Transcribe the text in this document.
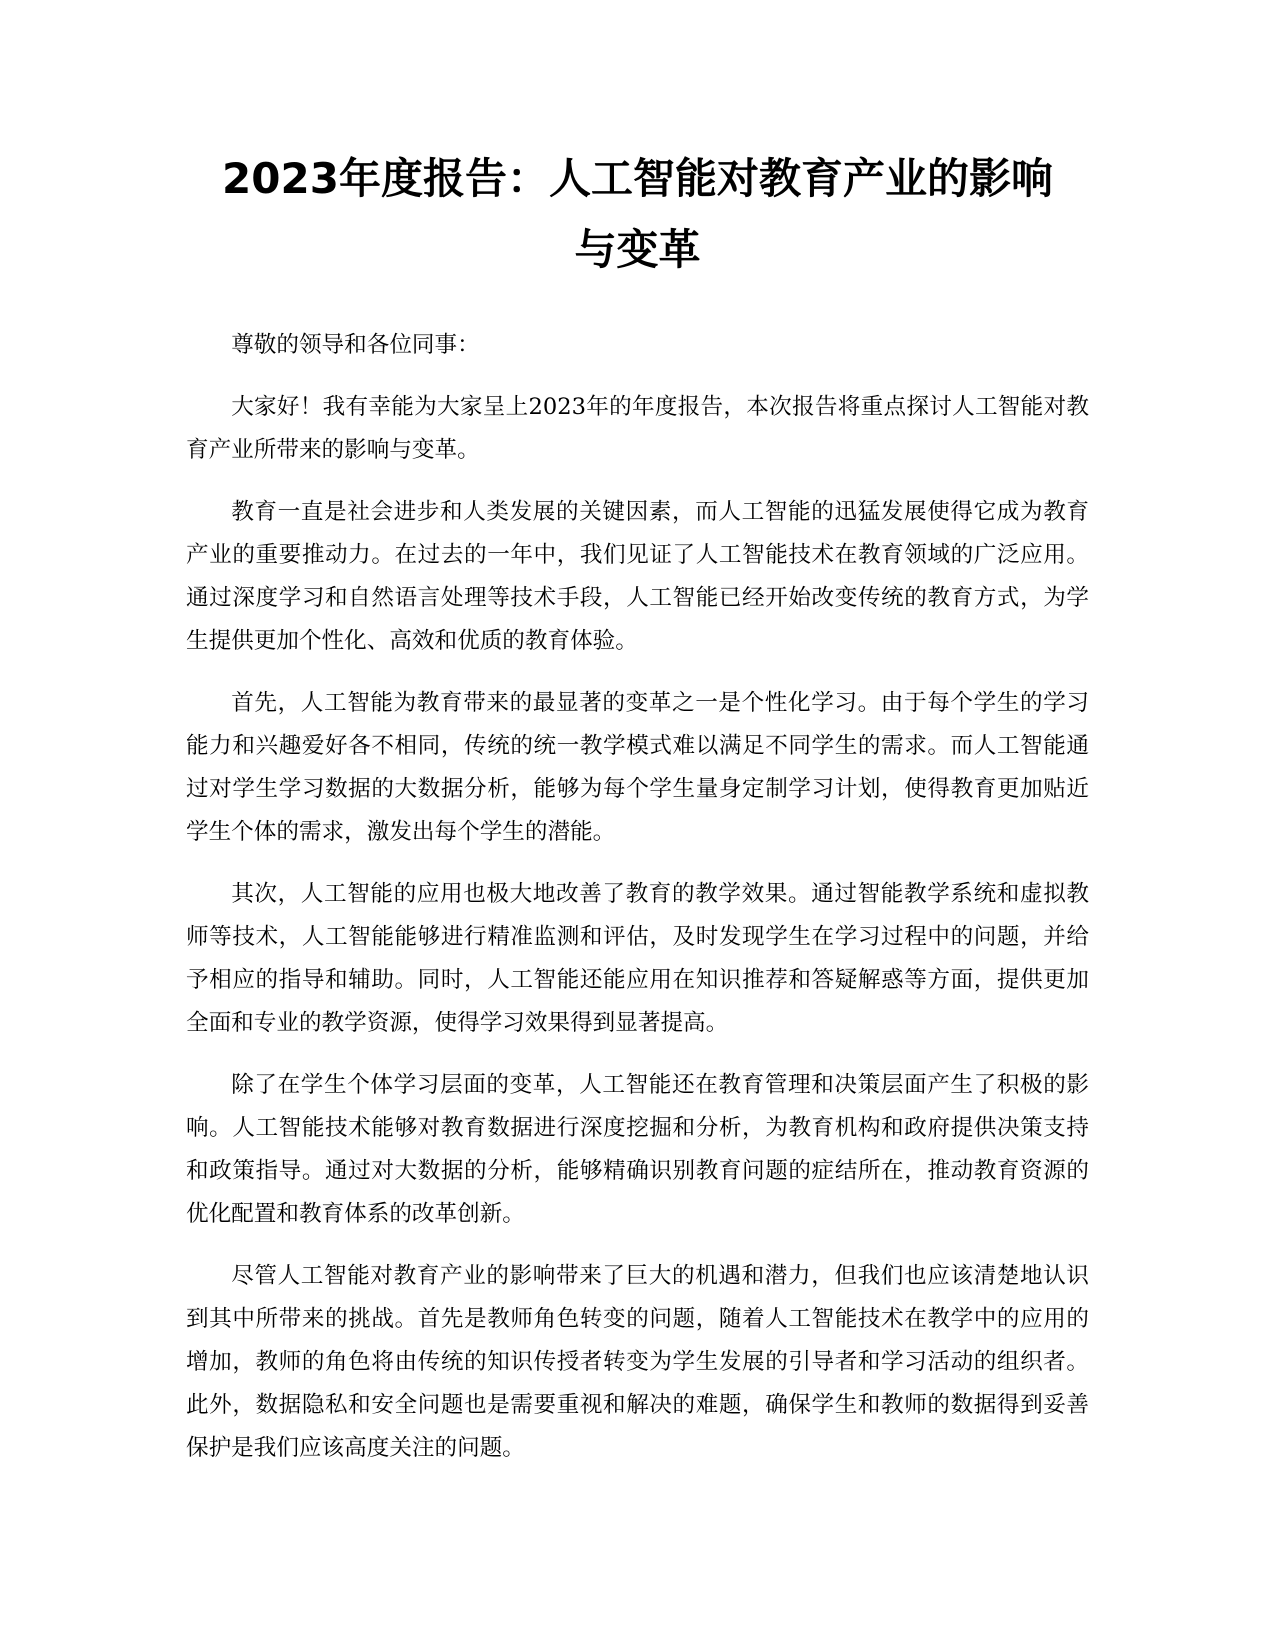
2023年度报告：人工智能对教育产业的影响
与变革

尊敬的领导和各位同事：

大家好！我有幸能为大家呈上2023年的年度报告，本次报告将重点探讨人工智能对教育产业所带来的影响与变革。

教育一直是社会进步和人类发展的关键因素，而人工智能的迅猛发展使得它成为教育产业的重要推动力。在过去的一年中，我们见证了人工智能技术在教育领域的广泛应用。通过深度学习和自然语言处理等技术手段，人工智能已经开始改变传统的教育方式，为学生提供更加个性化、高效和优质的教育体验。

首先，人工智能为教育带来的最显著的变革之一是个性化学习。由于每个学生的学习能力和兴趣爱好各不相同，传统的统一教学模式难以满足不同学生的需求。而人工智能通过对学生学习数据的大数据分析，能够为每个学生量身定制学习计划，使得教育更加贴近学生个体的需求，激发出每个学生的潜能。

其次，人工智能的应用也极大地改善了教育的教学效果。通过智能教学系统和虚拟教师等技术，人工智能能够进行精准监测和评估，及时发现学生在学习过程中的问题，并给予相应的指导和辅助。同时，人工智能还能应用在知识推荐和答疑解惑等方面，提供更加全面和专业的教学资源，使得学习效果得到显著提高。

除了在学生个体学习层面的变革，人工智能还在教育管理和决策层面产生了积极的影响。人工智能技术能够对教育数据进行深度挖掘和分析，为教育机构和政府提供决策支持和政策指导。通过对大数据的分析，能够精确识别教育问题的症结所在，推动教育资源的优化配置和教育体系的改革创新。

尽管人工智能对教育产业的影响带来了巨大的机遇和潜力，但我们也应该清楚地认识到其中所带来的挑战。首先是教师角色转变的问题，随着人工智能技术在教学中的应用的增加，教师的角色将由传统的知识传授者转变为学生发展的引导者和学习活动的组织者。此外，数据隐私和安全问题也是需要重视和解决的难题，确保学生和教师的数据得到妥善保护是我们应该高度关注的问题。
